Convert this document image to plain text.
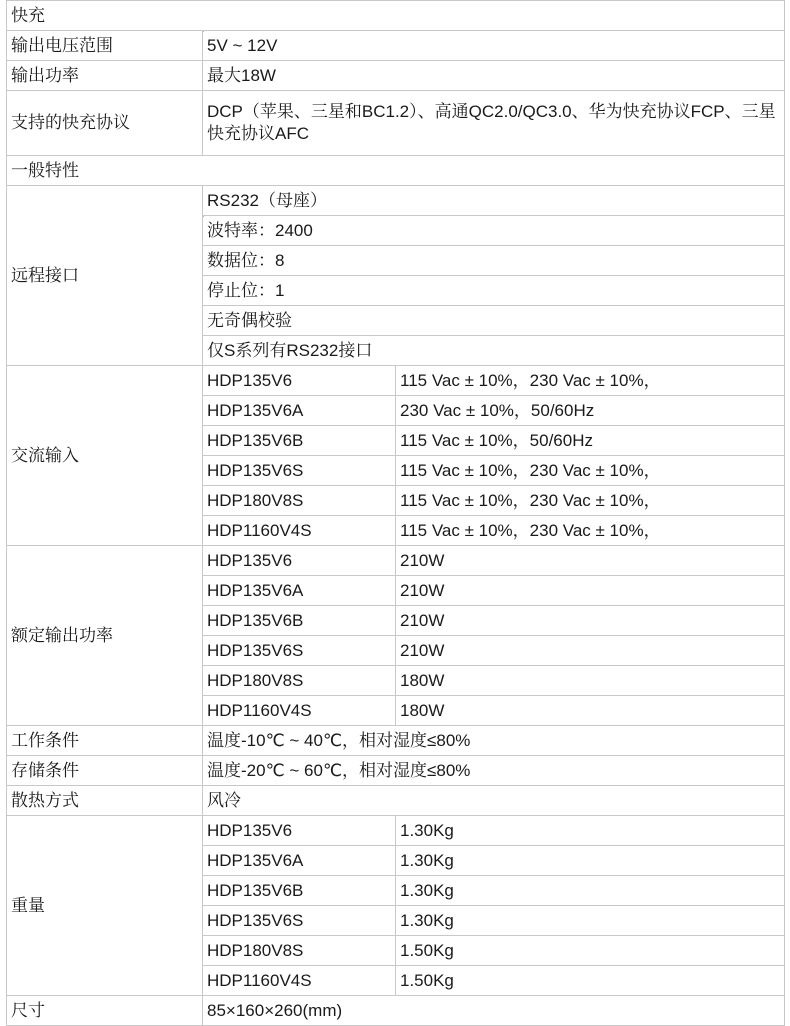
快充		
输出电压范围	5V ~ 12V	
输出功率	最大18W	
支持的快充协议	DCP（苹果、三星和BC1.2）、高通QC2.0/QC3.0、华为快充协议FCP、三星快充协议AFC	
一般特性		
远程接口	RS232（母座）	
	波特率：2400	
	数据位：8	
	停止位：1	
	无奇偶校验	
	仅S系列有RS232接口	
交流输入	HDP135V6	115 Vac ± 10%，230 Vac ± 10%，
	HDP135V6A	230 Vac ± 10%，50/60Hz
	HDP135V6B	115 Vac ± 10%，50/60Hz
	HDP135V6S	115 Vac ± 10%，230 Vac ± 10%，
	HDP180V8S	115 Vac ± 10%，230 Vac ± 10%，
	HDP1160V4S	115 Vac ± 10%，230 Vac ± 10%，
额定输出功率	HDP135V6	210W
	HDP135V6A	210W
	HDP135V6B	210W
	HDP135V6S	210W
	HDP180V8S	180W
	HDP1160V4S	180W
工作条件	温度-10℃ ~ 40℃，相对湿度≤80%	
存储条件	温度-20℃ ~ 60℃，相对湿度≤80%	
散热方式	风冷	
重量	HDP135V6	1.30Kg
	HDP135V6A	1.30Kg
	HDP135V6B	1.30Kg
	HDP135V6S	1.30Kg
	HDP180V8S	1.50Kg
	HDP1160V4S	1.50Kg
尺寸	85×160×260(mm)	
